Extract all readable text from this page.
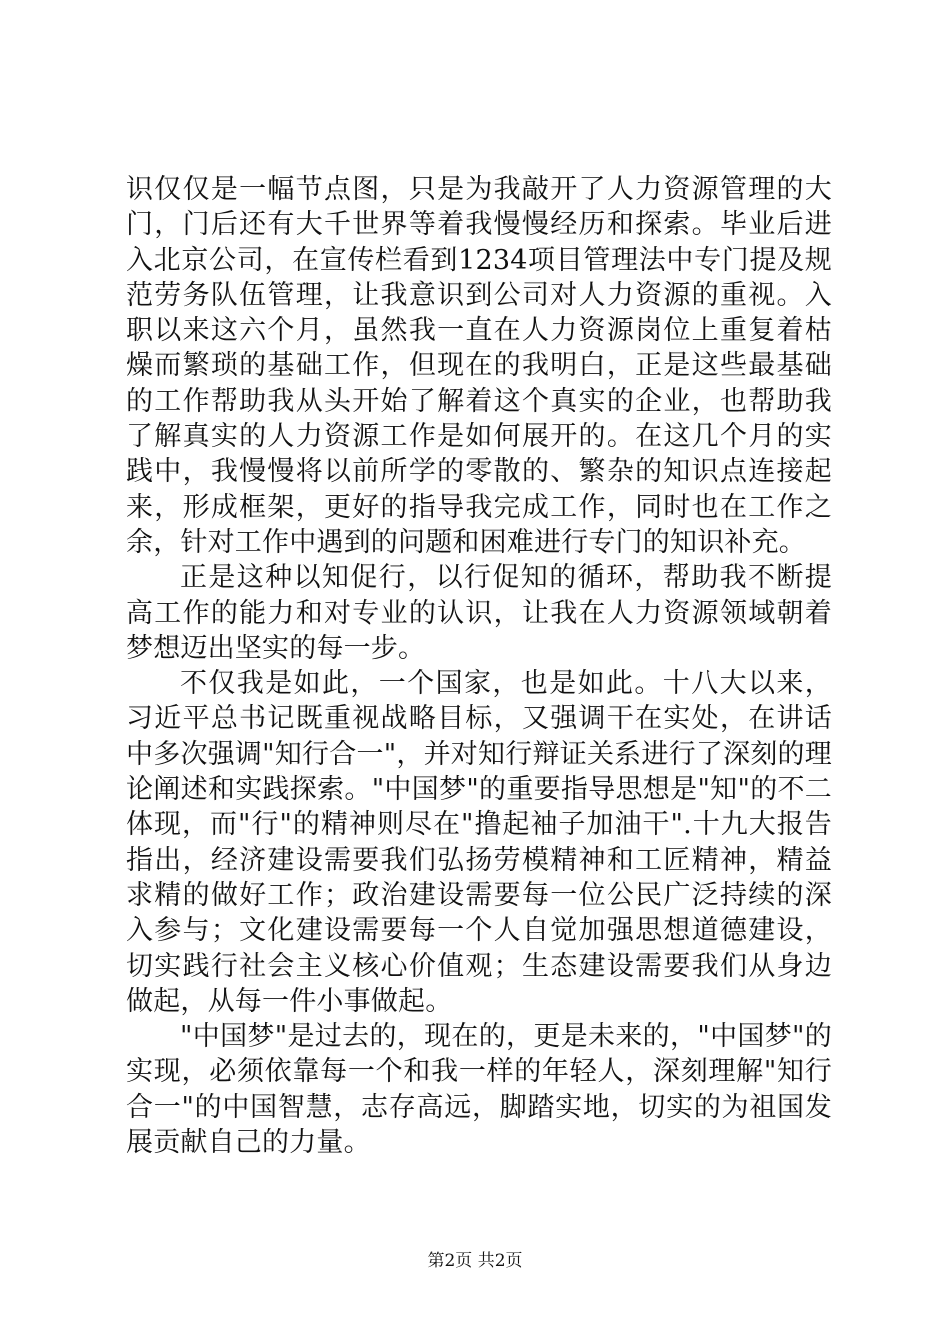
识仅仅是一幅节点图，只是为我敲开了人力资源管理的大门，门后还有大千世界等着我慢慢经历和探索。毕业后进入北京公司，在宣传栏看到1234项目管理法中专门提及规范劳务队伍管理，让我意识到公司对人力资源的重视。入职以来这六个月，虽然我一直在人力资源岗位上重复着枯燥而繁琐的基础工作，但现在的我明白，正是这些最基础的工作帮助我从头开始了解着这个真实的企业，也帮助我了解真实的人力资源工作是如何展开的。在这几个月的实践中，我慢慢将以前所学的零散的、繁杂的知识点连接起来，形成框架，更好的指导我完成工作，同时也在工作之余，针对工作中遇到的问题和困难进行专门的知识补充。

正是这种以知促行，以行促知的循环，帮助我不断提高工作的能力和对专业的认识，让我在人力资源领域朝着梦想迈出坚实的每一步。

不仅我是如此，一个国家，也是如此。十八大以来，习近平总书记既重视战略目标，又强调干在实处，在讲话中多次强调"知行合一"，并对知行辩证关系进行了深刻的理论阐述和实践探索。"中国梦"的重要指导思想是"知"的不二体现，而"行"的精神则尽在"撸起袖子加油干".十九大报告指出，经济建设需要我们弘扬劳模精神和工匠精神，精益求精的做好工作；政治建设需要每一位公民广泛持续的深入参与；文化建设需要每一个人自觉加强思想道德建设，切实践行社会主义核心价值观；生态建设需要我们从身边做起，从每一件小事做起。

"中国梦"是过去的，现在的，更是未来的，"中国梦"的实现，必须依靠每一个和我一样的年轻人，深刻理解"知行合一"的中国智慧，志存高远，脚踏实地，切实的为祖国发展贡献自己的力量。

第2页 共2页
